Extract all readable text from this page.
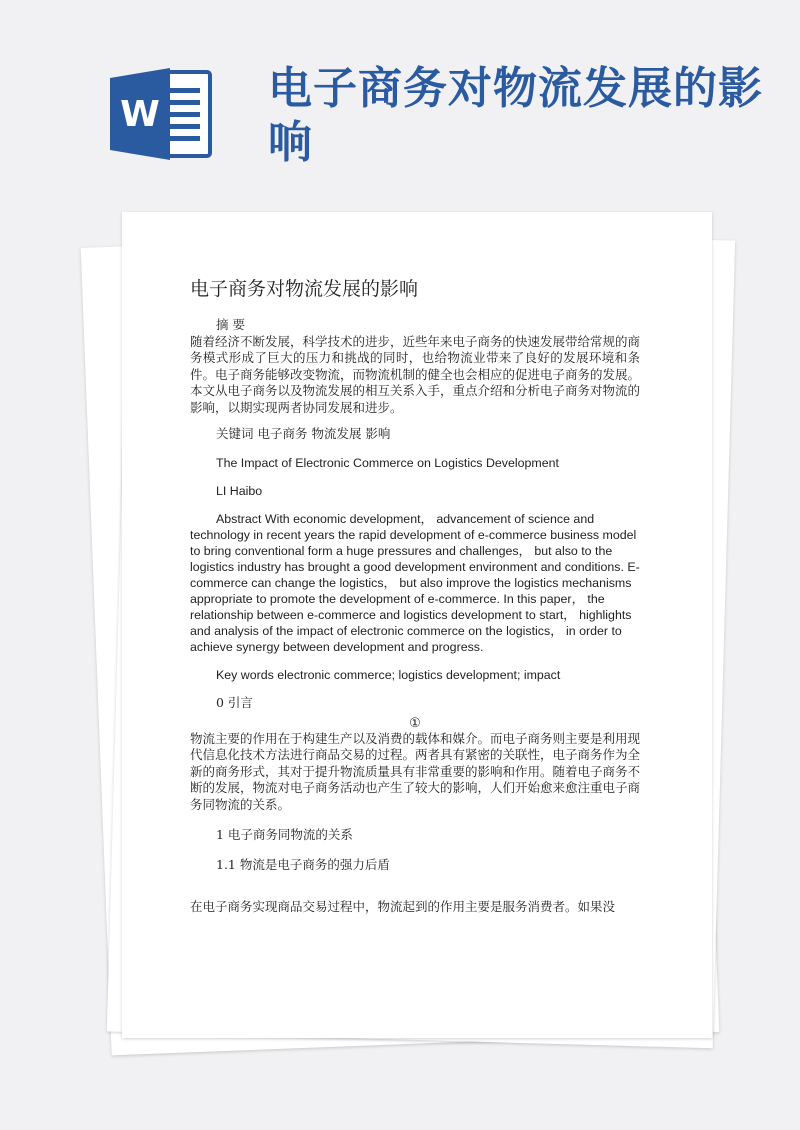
W
电子商务对物流发展的影响
电子商务对物流发展的影响

摘 要

随着经济不断发展，科学技术的进步，近些年来电子商务的快速发展带给常规的商务模式形成了巨大的压力和挑战的同时，也给物流业带来了良好的发展环境和条件。电子商务能够改变物流，而物流机制的健全也会相应的促进电子商务的发展。本文从电子商务以及物流发展的相互关系入手，重点介绍和分析电子商务对物流的影响，以期实现两者协同发展和进步。

关键词 电子商务 物流发展 影响

The Impact of Electronic Commerce on Logistics Development

LI Haibo

Abstract With economic development， advancement of science and technology in recent years the rapid development of e-commerce business model to bring conventional form a huge pressures and challenges， but also to the logistics industry has brought a good development environment and conditions. E-commerce can change the logistics， but also improve the logistics mechanisms appropriate to promote the development of e-commerce. In this paper， the relationship between e-commerce and logistics development to start， highlights and analysis of the impact of electronic commerce on the logistics， in order to achieve synergy between development and progress.

Key words electronic commerce; logistics development; impact

0 引言

①

物流主要的作用在于构建生产以及消费的载体和媒介。而电子商务则主要是利用现代信息化技术方法进行商品交易的过程。两者具有紧密的关联性，电子商务作为全新的商务形式，其对于提升物流质量具有非常重要的影响和作用。随着电子商务不断的发展，物流对电子商务活动也产生了较大的影响，人们开始愈来愈注重电子商务同物流的关系。

1 电子商务同物流的关系

1.1 物流是电子商务的强力后盾

在电子商务实现商品交易过程中，物流起到的作用主要是服务消费者。如果没
